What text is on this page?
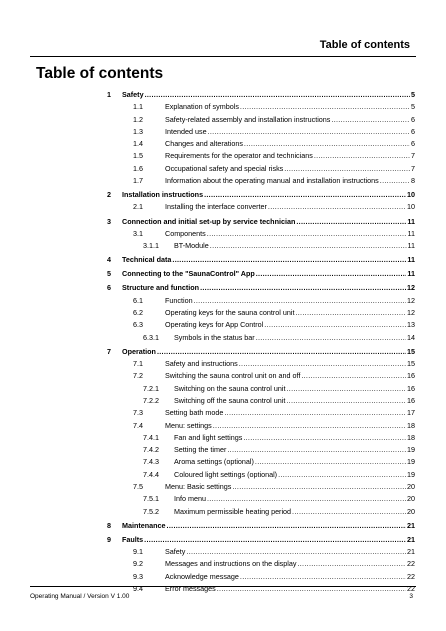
Table of contents
Table of contents
1 Safety .....	5
1.1	Explanation of symbols .....	5
1.2	Safety-related assembly and installation instructions .....	6
1.3	Intended use .....	6
1.4	Changes and alterations .....	6
1.5	Requirements for the operator and technicians .....	7
1.6	Occupational safety and special risks .....	7
1.7	Information about the operating manual and installation instructions .....	8
2 Installation instructions .....	10
2.1	Installing the interface converter .....	10
3 Connection and initial set-up by service technician .....	11
3.1	Components .....	11
3.1.1 BT-Module .....	11
4 Technical data .....	11
5 Connecting to the "SaunaControl" App .....	11
6 Structure and function .....	12
6.1	Function .....	12
6.2	Operating keys for the sauna control unit .....	12
6.3	Operating keys for App Control .....	13
6.3.1 Symbols in the status bar .....	14
7 Operation .....	15
7.1	Safety and instructions .....	15
7.2	Switching the sauna control unit on and off .....	16
7.2.1 Switching on the sauna control unit .....	16
7.2.2 Switching off the sauna control unit .....	16
7.3	Setting bath mode .....	17
7.4	Menu: settings .....	18
7.4.1 Fan and light settings .....	18
7.4.2 Setting the timer .....	19
7.4.3 Aroma settings (optional) .....	19
7.4.4 Coloured light settings (optional) .....	19
7.5	Menu: Basic settings .....	20
7.5.1 Info menu .....	20
7.5.2 Maximum permissible heating period .....	20
8 Maintenance .....	21
9 Faults .....	21
9.1	Safety .....	21
9.2	Messages and instructions on the display .....	22
9.3	Acknowledge message .....	22
9.4	Error messages .....	22
Operating Manual / Version V 1.00	3
